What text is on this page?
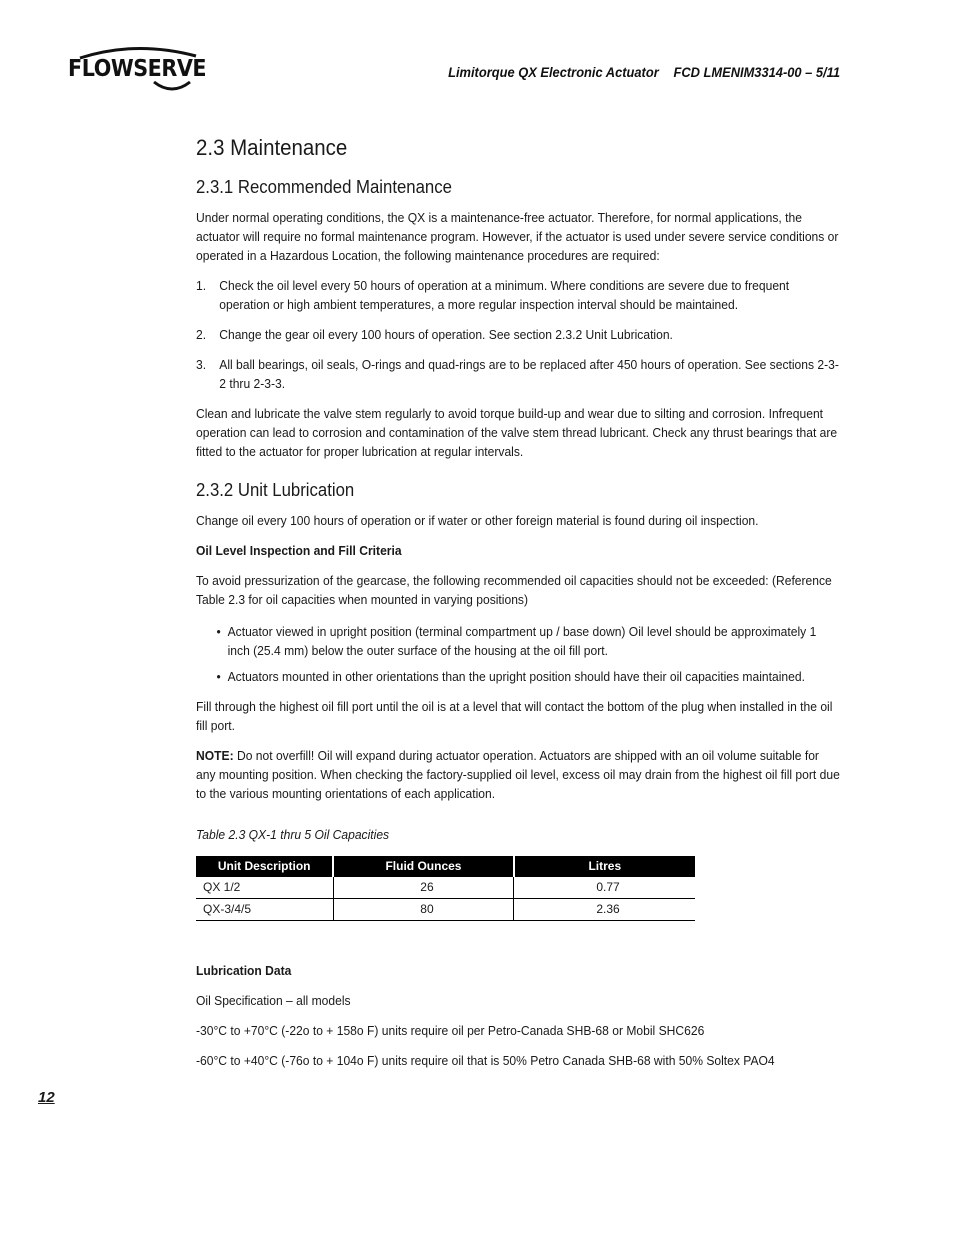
FLOWSERVE	Limitorque QX Electronic Actuator FCD LMENIM3314-00 – 5/11
2.3 Maintenance
2.3.1 Recommended Maintenance

Under normal operating conditions, the QX is a maintenance-free actuator. Therefore, for normal applications, the actuator will require no formal maintenance program. However, if the actuator is used under severe service conditions or operated in a Hazardous Location, the following maintenance procedures are required:

1. Check the oil level every 50 hours of operation at a minimum. Where conditions are severe due to frequent operation or high ambient temperatures, a more regular inspection interval should be maintained.
2. Change the gear oil every 100 hours of operation. See section 2.3.2 Unit Lubrication.
3. All ball bearings, oil seals, O-rings and quad-rings are to be replaced after 450 hours of operation. See sections 2-3-2 thru 2-3-3.

Clean and lubricate the valve stem regularly to avoid torque build-up and wear due to silting and corrosion. Infrequent operation can lead to corrosion and contamination of the valve stem thread lubricant. Check any thrust bearings that are fitted to the actuator for proper lubrication at regular intervals.

2.3.2 Unit Lubrication

Change oil every 100 hours of operation or if water or other foreign material is found during oil inspection.

Oil Level Inspection and Fill Criteria

To avoid pressurization of the gearcase, the following recommended oil capacities should not be exceeded: (Reference Table 2.3 for oil capacities when mounted in varying positions)

• Actuator viewed in upright position (terminal compartment up / base down) Oil level should be approximately 1 inch (25.4 mm) below the outer surface of the housing at the oil fill port.
• Actuators mounted in other orientations than the upright position should have their oil capacities maintained.

Fill through the highest oil fill port until the oil is at a level that will contact the bottom of the plug when installed in the oil fill port.

NOTE: Do not overfill! Oil will expand during actuator operation. Actuators are shipped with an oil volume suitable for any mounting position. When checking the factory-supplied oil level, excess oil may drain from the highest oil fill port due to the various mounting orientations of each application.

Table 2.3 QX-1 thru 5 Oil Capacities

Unit Description	Fluid Ounces	Litres
QX 1/2	26	0.77
QX-3/4/5	80	2.36

Lubrication Data

Oil Specification – all models

-30°C to +70°C (-22o to + 158o F) units require oil per Petro-Canada SHB-68 or Mobil SHC626

-60°C to +40°C (-76o to + 104o F) units require oil that is 50% Petro Canada SHB-68 with 50% Soltex PAO4

12
